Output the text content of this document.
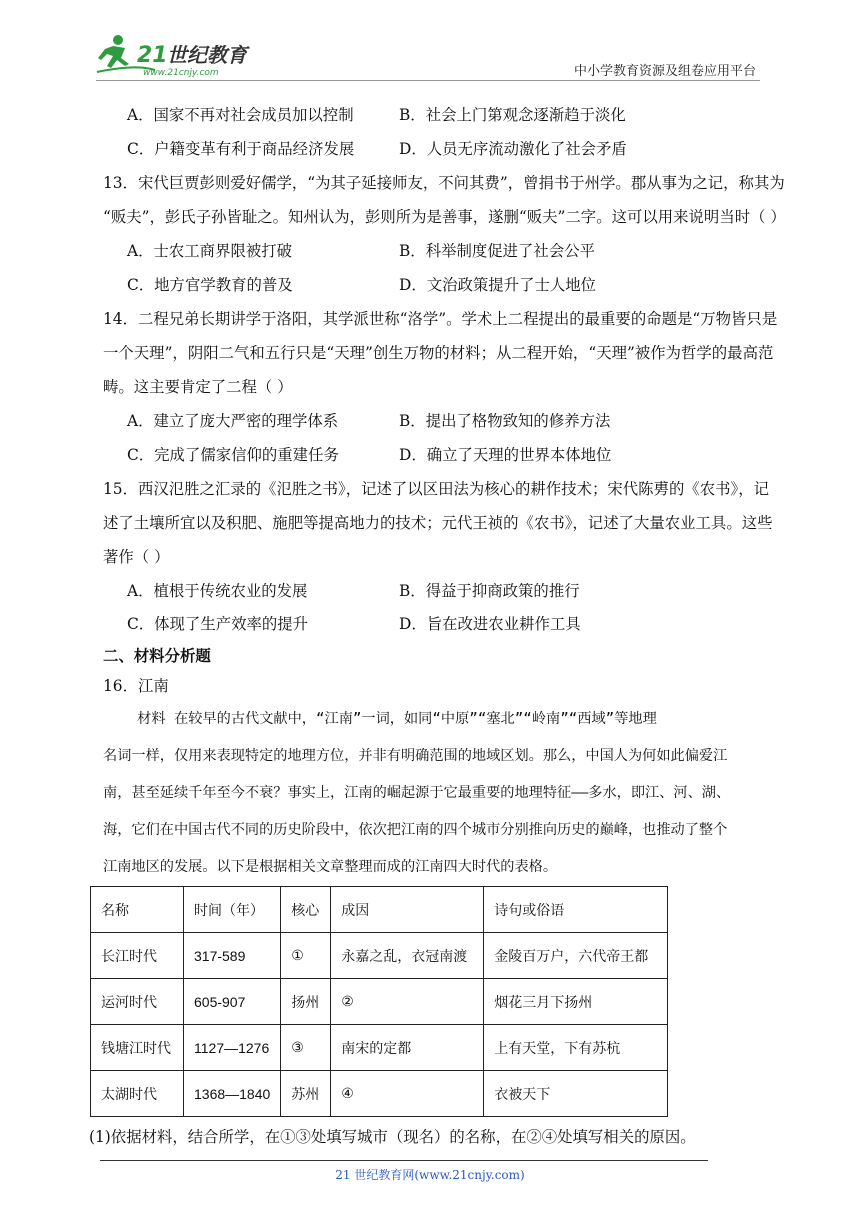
21 世纪教育
www.21cnjy.com	中小学教育资源及组卷应用平台
A．国家不再对社会成员加以控制	B．社会上门第观念逐渐趋于淡化
C．户籍变革有利于商品经济发展	D．人员无序流动激化了社会矛盾
13．宋代巨贾彭则爱好儒学，“为其子延接师友，不问其费”，曾捐书于州学。郡从事为之记，称其为
“贩夫”，彭氏子孙皆耻之。知州认为，彭则所为是善事，遂删“贩夫”二字。这可以用来说明当时（ ）
A．士农工商界限被打破	B．科举制度促进了社会公平
C．地方官学教育的普及	D．文治政策提升了士人地位
14．二程兄弟长期讲学于洛阳，其学派世称“洛学”。学术上二程提出的最重要的命题是“万物皆只是
一个天理”，阴阳二气和五行只是“天理”创生万物的材料；从二程开始，“天理”被作为哲学的最高范
畴。这主要肯定了二程（ ）
A．建立了庞大严密的理学体系	B．提出了格物致知的修养方法
C．完成了儒家信仰的重建任务	D．确立了天理的世界本体地位
15．西汉氾胜之汇录的《氾胜之书》，记述了以区田法为核心的耕作技术；宋代陈旉的《农书》，记
述了土壤所宜以及积肥、施肥等提高地力的技术；元代王祯的《农书》，记述了大量农业工具。这些
著作（ ）
A．植根于传统农业的发展	B．得益于抑商政策的推行
C．体现了生产效率的提升	D．旨在改进农业耕作工具
二、材料分析题
16．江南
材料 在较早的古代文献中，“江南”一词，如同“中原”“塞北”“岭南”“西域”等地理
名词一样，仅用来表现特定的地理方位，并非有明确范围的地域区划。那么，中国人为何如此偏爱江
南，甚至延续千年至今不衰？事实上，江南的崛起源于它最重要的地理特征——多水，即江、河、湖、
海，它们在中国古代不同的历史阶段中，依次把江南的四个城市分别推向历史的巅峰，也推动了整个
江南地区的发展。以下是根据相关文章整理而成的江南四大时代的表格。
名称	时间（年）	核心	成因	诗句或俗语
长江时代	317-589	①	永嘉之乱，衣冠南渡	金陵百万户，六代帝王都
运河时代	605-907	扬州	②	烟花三月下扬州
钱塘江时代	1127—1276	③	南宋的定都	上有天堂，下有苏杭
太湖时代	1368—1840	苏州	④	衣被天下
(1)依据材料，结合所学，在①③处填写城市（现名）的名称，在②④处填写相关的原因。
21 世纪教育网(www.21cnjy.com)
